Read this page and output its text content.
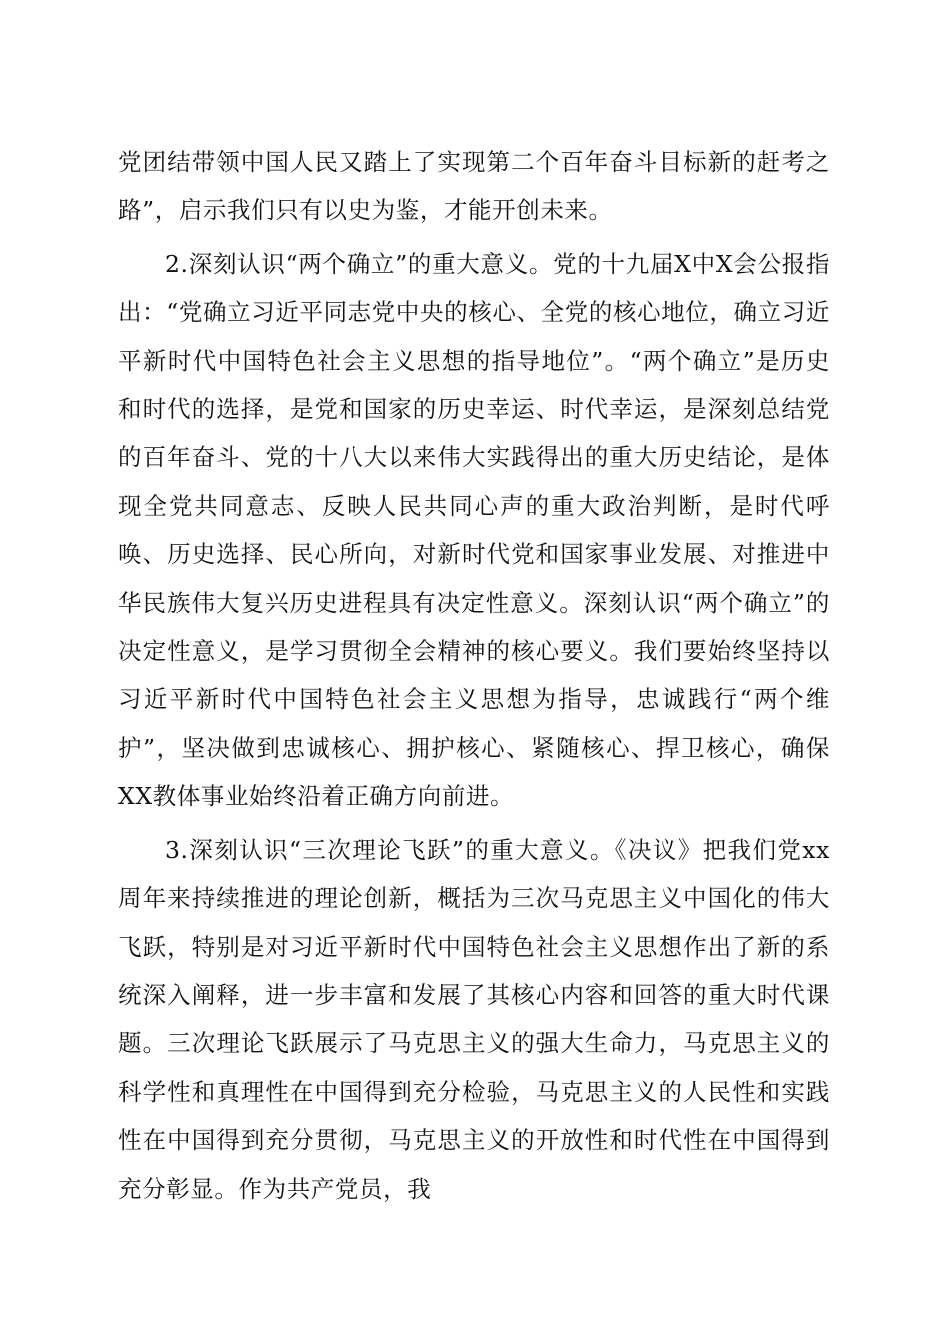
党团结带领中国人民又踏上了实现第二个百年奋斗目标新的赶考之路”，启示我们只有以史为鉴，才能开创未来。

2.深刻认识“两个确立”的重大意义。党的十九届X中X会公报指出：“党确立习近平同志党中央的核心、全党的核心地位，确立习近平新时代中国特色社会主义思想的指导地位”。“两个确立”是历史和时代的选择，是党和国家的历史幸运、时代幸运，是深刻总结党的百年奋斗、党的十八大以来伟大实践得出的重大历史结论，是体现全党共同意志、反映人民共同心声的重大政治判断，是时代呼唤、历史选择、民心所向，对新时代党和国家事业发展、对推进中华民族伟大复兴历史进程具有决定性意义。深刻认识“两个确立”的决定性意义，是学习贯彻全会精神的核心要义。我们要始终坚持以习近平新时代中国特色社会主义思想为指导，忠诚践行“两个维护”，坚决做到忠诚核心、拥护核心、紧随核心、捍卫核心，确保XX教体事业始终沿着正确方向前进。

3.深刻认识“三次理论飞跃”的重大意义。《决议》把我们党xx周年来持续推进的理论创新，概括为三次马克思主义中国化的伟大飞跃，特别是对习近平新时代中国特色社会主义思想作出了新的系统深入阐释，进一步丰富和发展了其核心内容和回答的重大时代课题。三次理论飞跃展示了马克思主义的强大生命力，马克思主义的科学性和真理性在中国得到充分检验，马克思主义的人民性和实践性在中国得到充分贯彻，马克思主义的开放性和时代性在中国得到充分彰显。作为共产党员，我
